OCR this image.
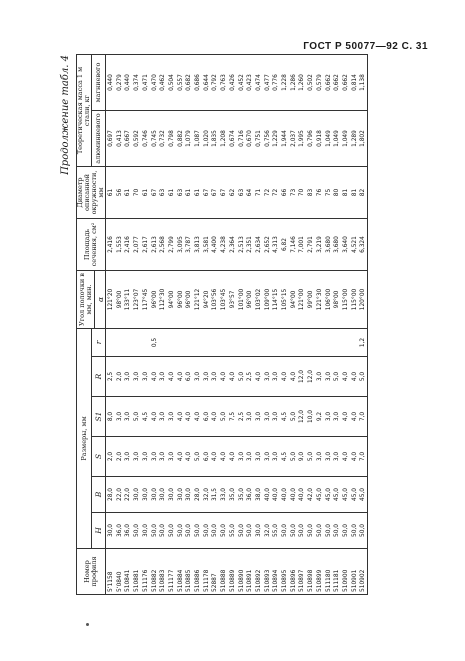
ГОСТ Р 50077—92 С. 31
Продолжение табл. 4
Номер профиля	Размеры, мм						Угол полочки в мм, мин.	Площадь сечения, см²	Диаметр описанной окружности, мм	Теоретическая масса 1 м стали, кг	
	H	B	S	S1	R	r				алюминиевого	магниевого
							α				
5ʻ1158	30,0	28,0	2,0	8,0	2,5		121°20	2,416	61	0,697	0,440
5ʻ0840	36,0	22,0	2,0	3,0	2,0		98°00	1,553	56	0,413	0,279
510841	36,0	22,0	3,0	3,0	3,0		133°11	2,416	61	0,667	0,440
510881	50,0	30,0	3,0	5,0	3,0		123°07	2,077	70	0,592	0,374
511176	30,0	30,0	3,0	4,5	3,0		117°45	2,617	61	0,746	0,471
510882	50,0	30,0	3,0	4,0	4,0	0,5	96°00	2,613	67	0,745	0,470
510883	50,0	30,0	3,0	3,0	3,0		112°30	2,568	63	0,732	0,462
511177	50,0	30,0	3,0	3,0	4,0		94°00	2,799	61	0,798	0,504
510884	50,0	30,0	4,0	4,0	4,0		96°00	3,095	63	0,882	0,557
510885	50,0	30,0	4,0	4,0	6,0		96°00	3,787	61	1,079	0,682
510886	50,0	28,0	5,0	4,0	3,0		121°12	3,813	61	1,087	0,686
511178	50,0	32,0	6,0	6,0	3,0		94°20	3,581	67	1,020	0,644
52887	50,0	31,5	4,0	4,0	3,0		103°56	4,400	67	1,835	0,792
510888	50,0	33,0	4,0	5,0	4,0		103°45	4,238	67	1,208	0,763
510889	55,0	35,0	4,0	7,5	4,0		93°57	2,364	62	0,674	0,426
510890	50,0	35,0	3,0	2,5	5,0		101°00	2,513	63	0,716	0,452
510891	50,0	36,0	3,0	3,0	2,5		96°00	2,351	64	0,670	0,423
510892	30,0	38,0	3,0	3,0	4,0		103°02	2,634	71	0,751	0,474
510893	32,0	40,0	3,0	3,0	3,0		109°00	2,652	72	0,756	0,477
510894	55,0	40,0	3,0	3,0	3,0		114°15	4,313	72	1,229	0,776
510895	50,0	40,0	4,5	4,5	4,0		105°15	6,82	66	1,944	1,228
510896	50,0	40,0	5,0	5,0	4,0		94°00	7,146	73	2,037	1,286
510897	50,0	40,0	9,0	12,0	12,0		121°00	7,001	70	1,995	1,260
510898	50,0	42,0	5,0	10,0	12,0		99°00	2,791	83	0,796	0,502
510899	50,0	45,0	3,0	9,2	3,0		121°30	3,219	76	0,918	0,579
511180	50,0	45,0	3,0	3,0	3,0		106°00	3,680	75	1,049	0,662
511181	50,0	45,0	3,0	3,0	5,0		98°00	3,680	80	1,049	0,662
510900	50,0	45,0	4,0	4,0	4,0		115°00	3,640	81	1,049	0,662
510901	50,0	45,0	4,0	4,0	4,0		115°00	4,521	81	1,289	0,814
510902	50,0	45,0	7,0	7,0	5,0	1,2	120°00	6,324	82	1,802	1,138
